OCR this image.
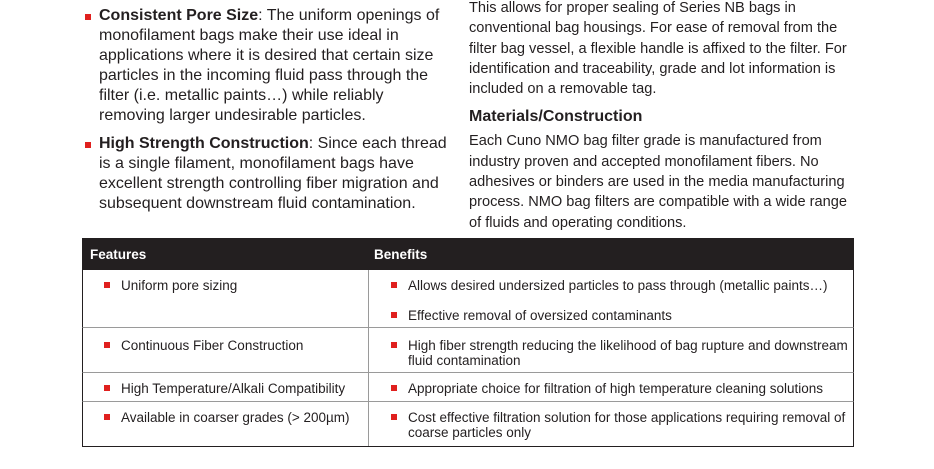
Consistent Pore Size: The uniform openings of monofilament bags make their use ideal in applications where it is desired that certain size particles in the incoming fluid pass through the filter (i.e. metallic paints…) while reliably removing larger undesirable particles.
High Strength Construction: Since each thread is a single filament, monofilament bags have excellent strength controlling fiber migration and subsequent downstream fluid contamination.

This allows for proper sealing of Series NB bags in conventional bag housings. For ease of removal from the filter bag vessel, a flexible handle is affixed to the filter. For identification and traceability, grade and lot information is included on a removable tag.

Materials/Construction

Each Cuno NMO bag filter grade is manufactured from industry proven and accepted monofilament fibers. No adhesives or binders are used in the media manufacturing process. NMO bag filters are compatible with a wide range of fluids and operating conditions.

Features	Benefits
Uniform pore sizing	Allows desired undersized particles to pass through (metallic paints…)
Effective removal of oversized contaminants
Continuous Fiber Construction	High fiber strength reducing the likelihood of bag rupture and downstream fluid contamination
High Temperature/Alkali Compatibility	Appropriate choice for filtration of high temperature cleaning solutions
Available in coarser grades (> 200µm)	Cost effective filtration solution for those applications requiring removal of coarse particles only
